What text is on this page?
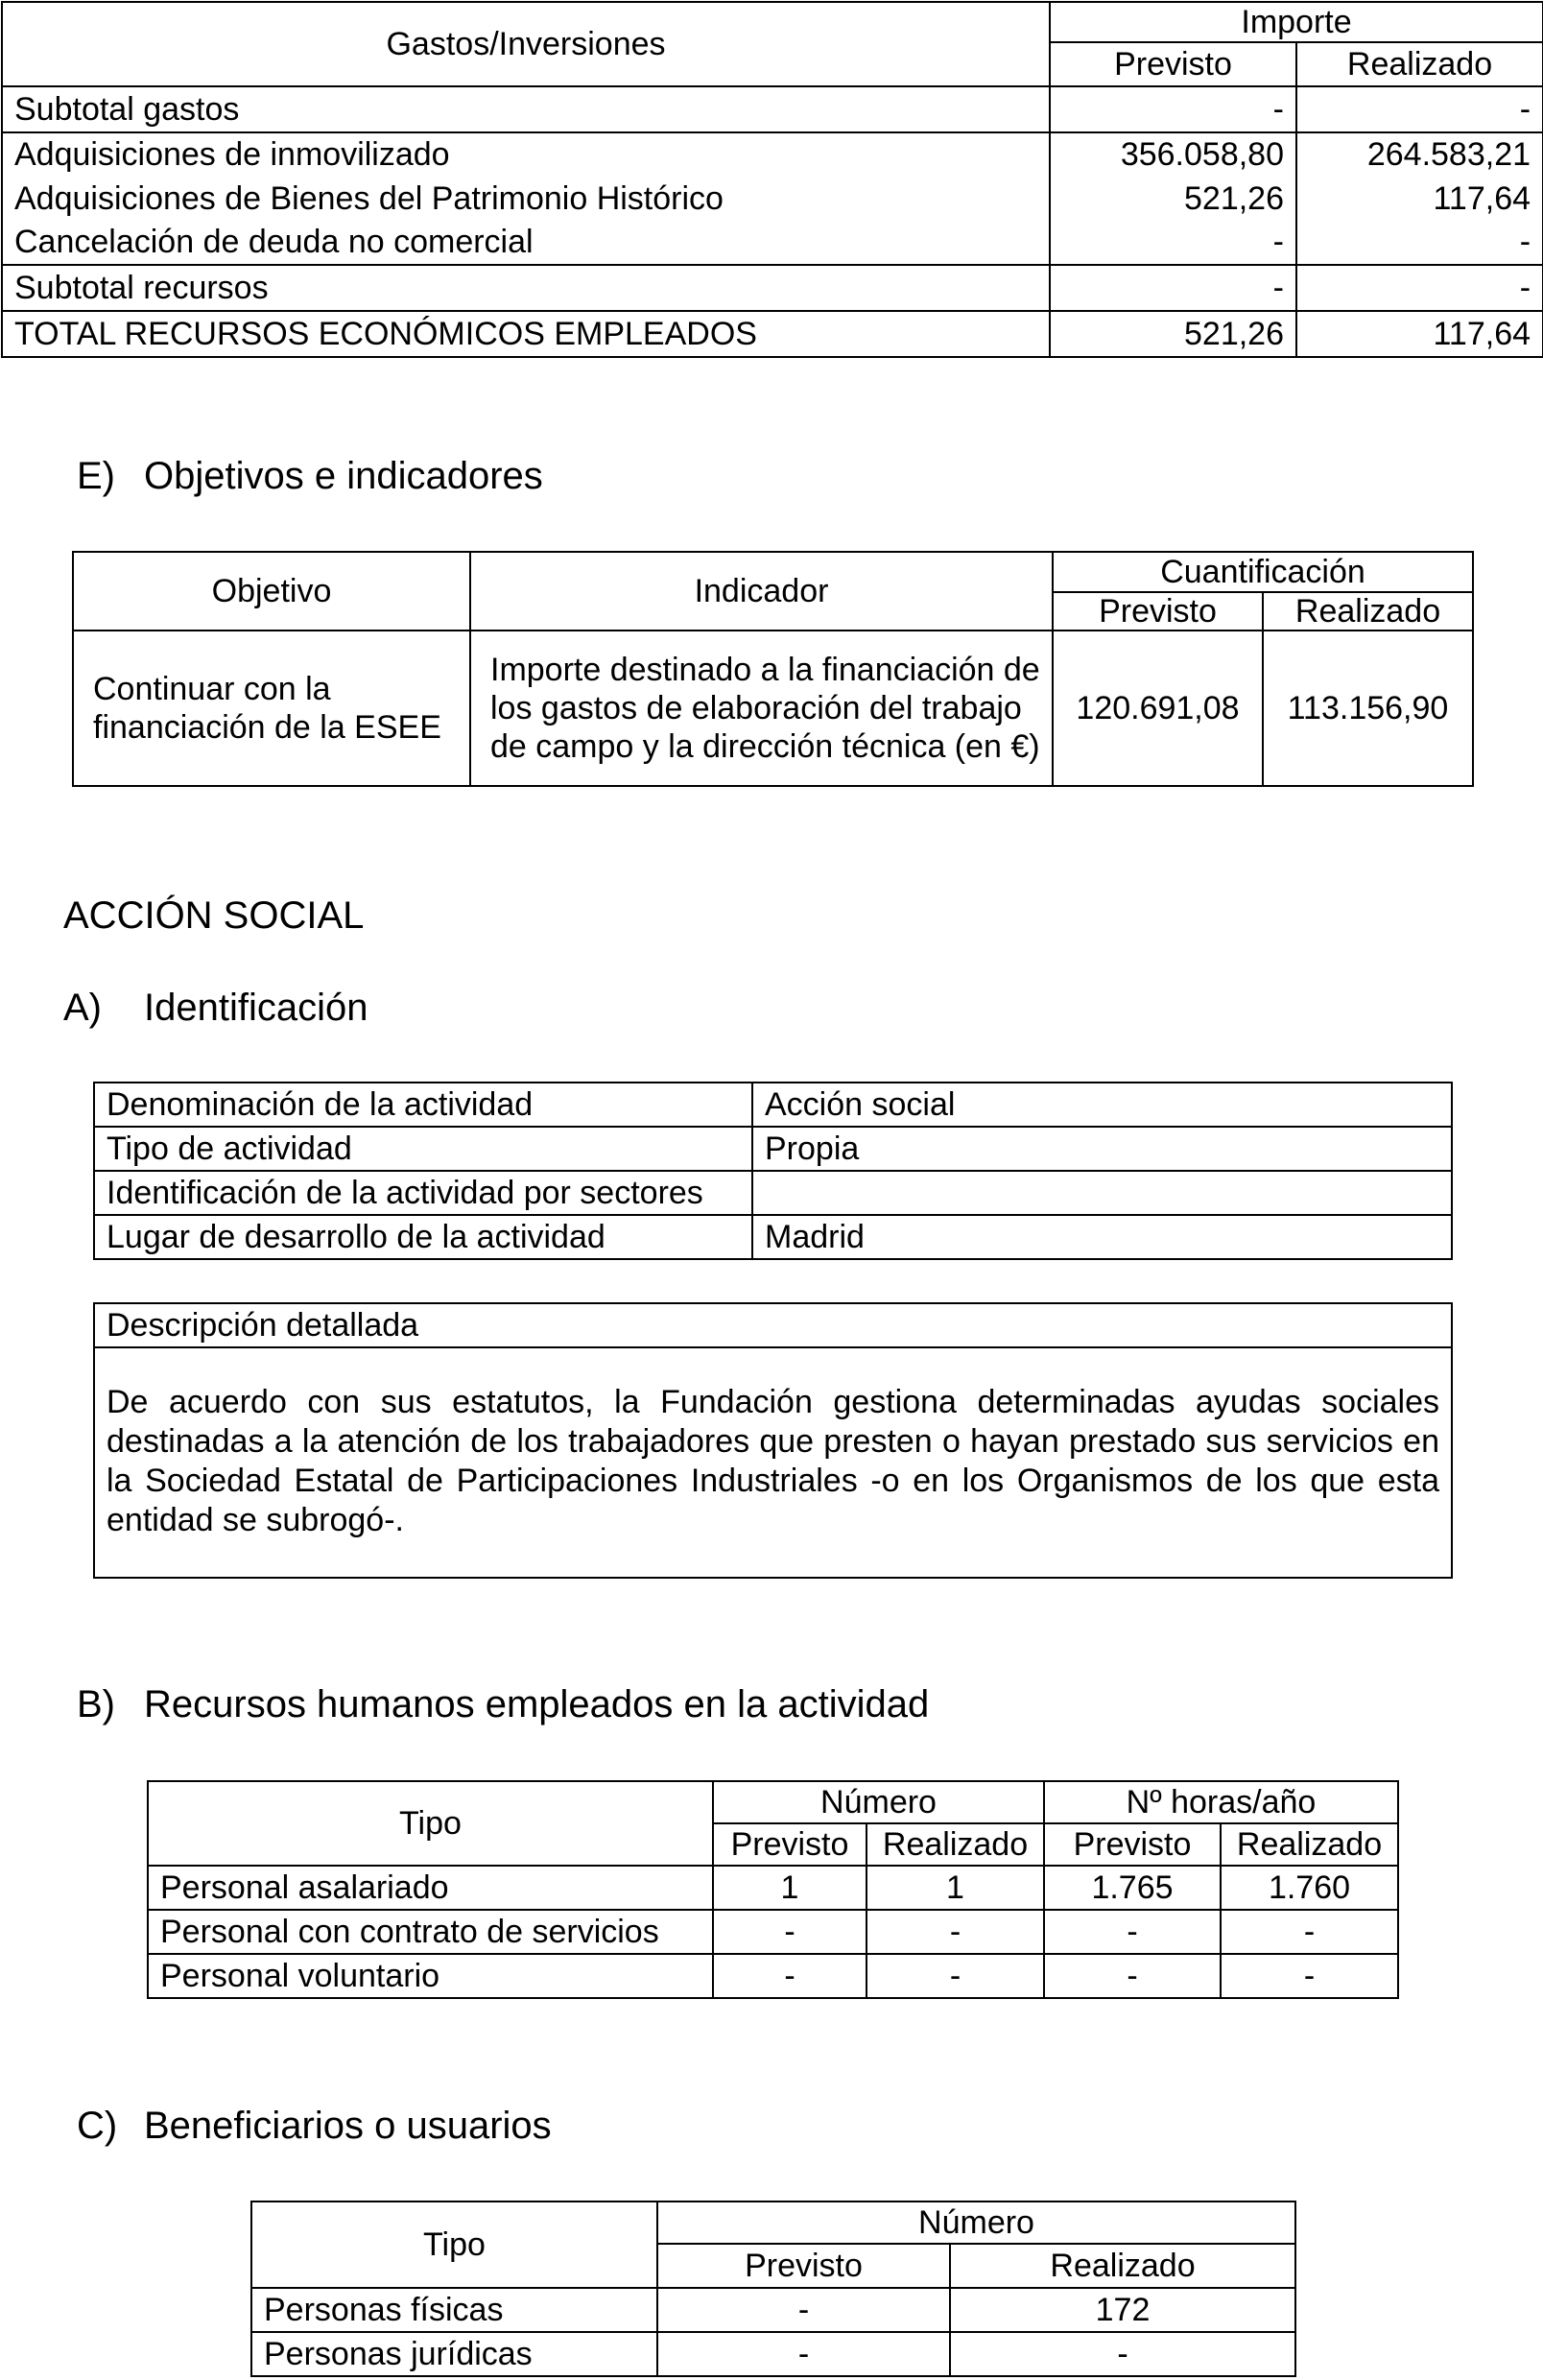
Gastos/Inversiones	Importe	
	Previsto	Realizado
Subtotal gastos	-	-
Adquisiciones de inmovilizado	356.058,80	264.583,21
Adquisiciones de Bienes del Patrimonio Histórico	521,26	117,64
Cancelación de deuda no comercial	-	-
Subtotal recursos	-	-
TOTAL RECURSOS ECONÓMICOS EMPLEADOS	521,26	117,64
E) Objetivos e indicadores
Objetivo	Indicador	Cuantificación	
		Previsto	Realizado
Continuar con la financiación de la ESEE	Importe destinado a la financiación de los gastos de elaboración del trabajo de campo y la dirección técnica (en €)	120.691,08	113.156,90
ACCIÓN SOCIAL
A) Identificación
Denominación de la actividad	Acción social
Tipo de actividad	Propia
Identificación de la actividad por sectores	
Lugar de desarrollo de la actividad	Madrid
Descripción detallada
De acuerdo con sus estatutos, la Fundación gestiona determinadas ayudas sociales destinadas a la atención de los trabajadores que presten o hayan prestado sus servicios en la Sociedad Estatal de Participaciones Industriales -o en los Organismos de los que esta entidad se subrogó-.
B) Recursos humanos empleados en la actividad
Tipo	Número		Nº horas/año	
	Previsto	Realizado	Previsto	Realizado
Personal asalariado	1	1	1.765	1.760
Personal con contrato de servicios	-	-	-	-
Personal voluntario	-	-	-	-
C) Beneficiarios o usuarios
Tipo	Número	
	Previsto	Realizado
Personas físicas	-	172
Personas jurídicas	-	-
